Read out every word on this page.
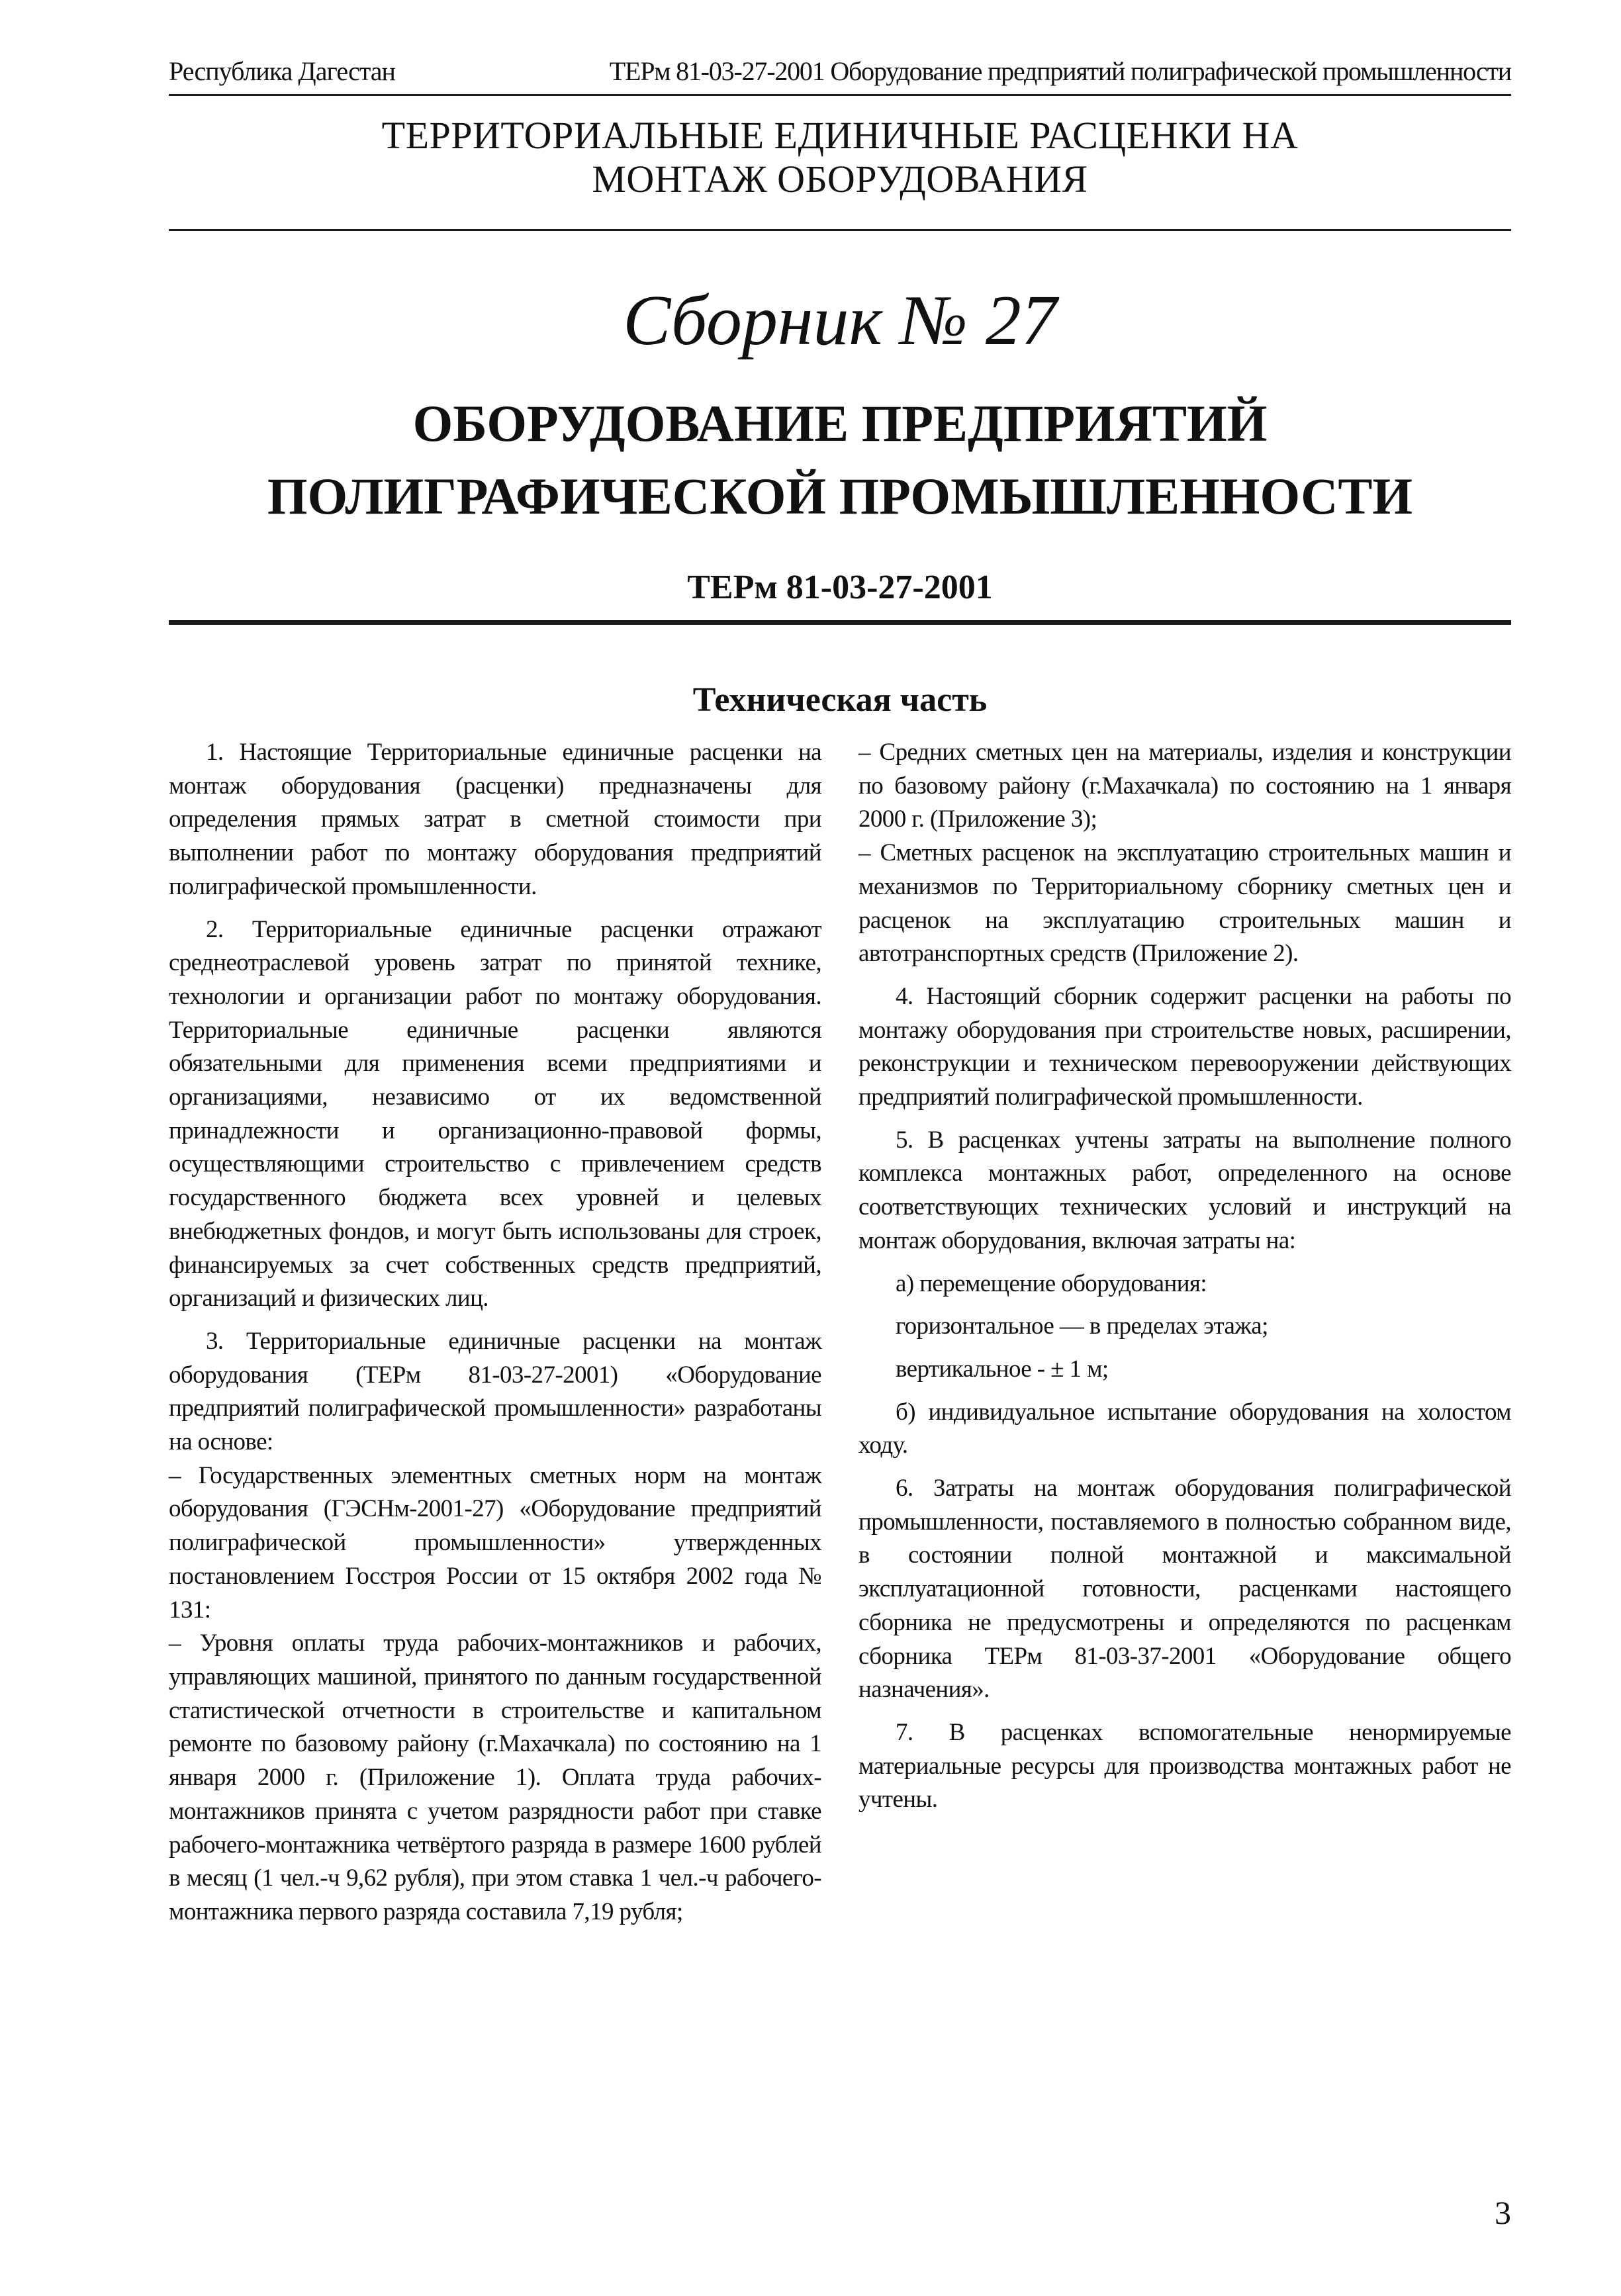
Республика Дагестан	ТЕРм 81-03-27-2001 Оборудование предприятий полиграфической промышленности
ТЕРРИТОРИАЛЬНЫЕ ЕДИНИЧНЫЕ РАСЦЕНКИ НА
МОНТАЖ ОБОРУДОВАНИЯ
Сборник № 27
ОБОРУДОВАНИЕ ПРЕДПРИЯТИЙ
ПОЛИГРАФИЧЕСКОЙ ПРОМЫШЛЕННОСТИ
ТЕРм 81-03-27-2001
Техническая часть

1. Настоящие Территориальные единичные расценки на монтаж оборудования (расценки) предназначены для определения прямых затрат в сметной стоимости при выполнении работ по монтажу оборудования предприятий полиграфической промышленности.

2. Территориальные единичные расценки отражают среднеотраслевой уровень затрат по принятой технике, технологии и организации работ по монтажу оборудования. Территориальные единичные расценки являются обязательными для применения всеми предприятиями и организациями, независимо от их ведомственной принадлежности и организационно-правовой формы, осуществляющими строительство с привлечением средств государственного бюджета всех уровней и целевых внебюджетных фондов, и могут быть использованы для строек, финансируемых за счет собственных средств предприятий, организаций и физических лиц.

3. Территориальные единичные расценки на монтаж оборудования (ТЕРм 81-03-27-2001) «Оборудование предприятий полиграфической промышленности» разработаны на основе:

– Государственных элементных сметных норм на монтаж оборудования (ГЭСНм-2001-27) «Оборудование предприятий полиграфической промышленности» утвержденных постановлением Госстроя России от 15 октября 2002 года № 131:

– Уровня оплаты труда рабочих-монтажников и рабочих, управляющих машиной, принятого по данным государственной статистической отчетности в строительстве и капитальном ремонте по базовому району (г.Махачкала) по состоянию на 1 января 2000 г. (Приложение 1). Оплата труда рабочих-монтажников принята с учетом разрядности работ при ставке рабочего-монтажника четвёртого разряда в размере 1600 рублей в месяц (1 чел.-ч 9,62 рубля), при этом ставка 1 чел.-ч рабочего-монтажника первого разряда составила 7,19 рубля;

– Средних сметных цен на материалы, изделия и конструкции по базовому району (г.Махачкала) по состоянию на 1 января 2000 г. (Приложение 3);

– Сметных расценок на эксплуатацию строительных машин и механизмов по Территориальному сборнику сметных цен и расценок на эксплуатацию строительных машин и автотранспортных средств (Приложение 2).

4. Настоящий сборник содержит расценки на работы по монтажу оборудования при строительстве новых, расширении, реконструкции и техническом перевооружении действующих предприятий полиграфической промышленности.

5. В расценках учтены затраты на выполнение полного комплекса монтажных работ, определенного на основе соответствующих технических условий и инструкций на монтаж оборудования, включая затраты на:

а) перемещение оборудования:

горизонтальное — в пределах этажа;

вертикальное - ± 1 м;

б) индивидуальное испытание оборудования на холостом ходу.

6. Затраты на монтаж оборудования полиграфической промышленности, поставляемого в полностью собранном виде, в состоянии полной монтажной и максимальной эксплуатационной готовности, расценками настоящего сборника не предусмотрены и определяются по расценкам сборника ТЕРм 81-03-37-2001 «Оборудование общего назначения».

7. В расценках вспомогательные ненормируемые материальные ресурсы для производства монтажных работ не учтены.

3
